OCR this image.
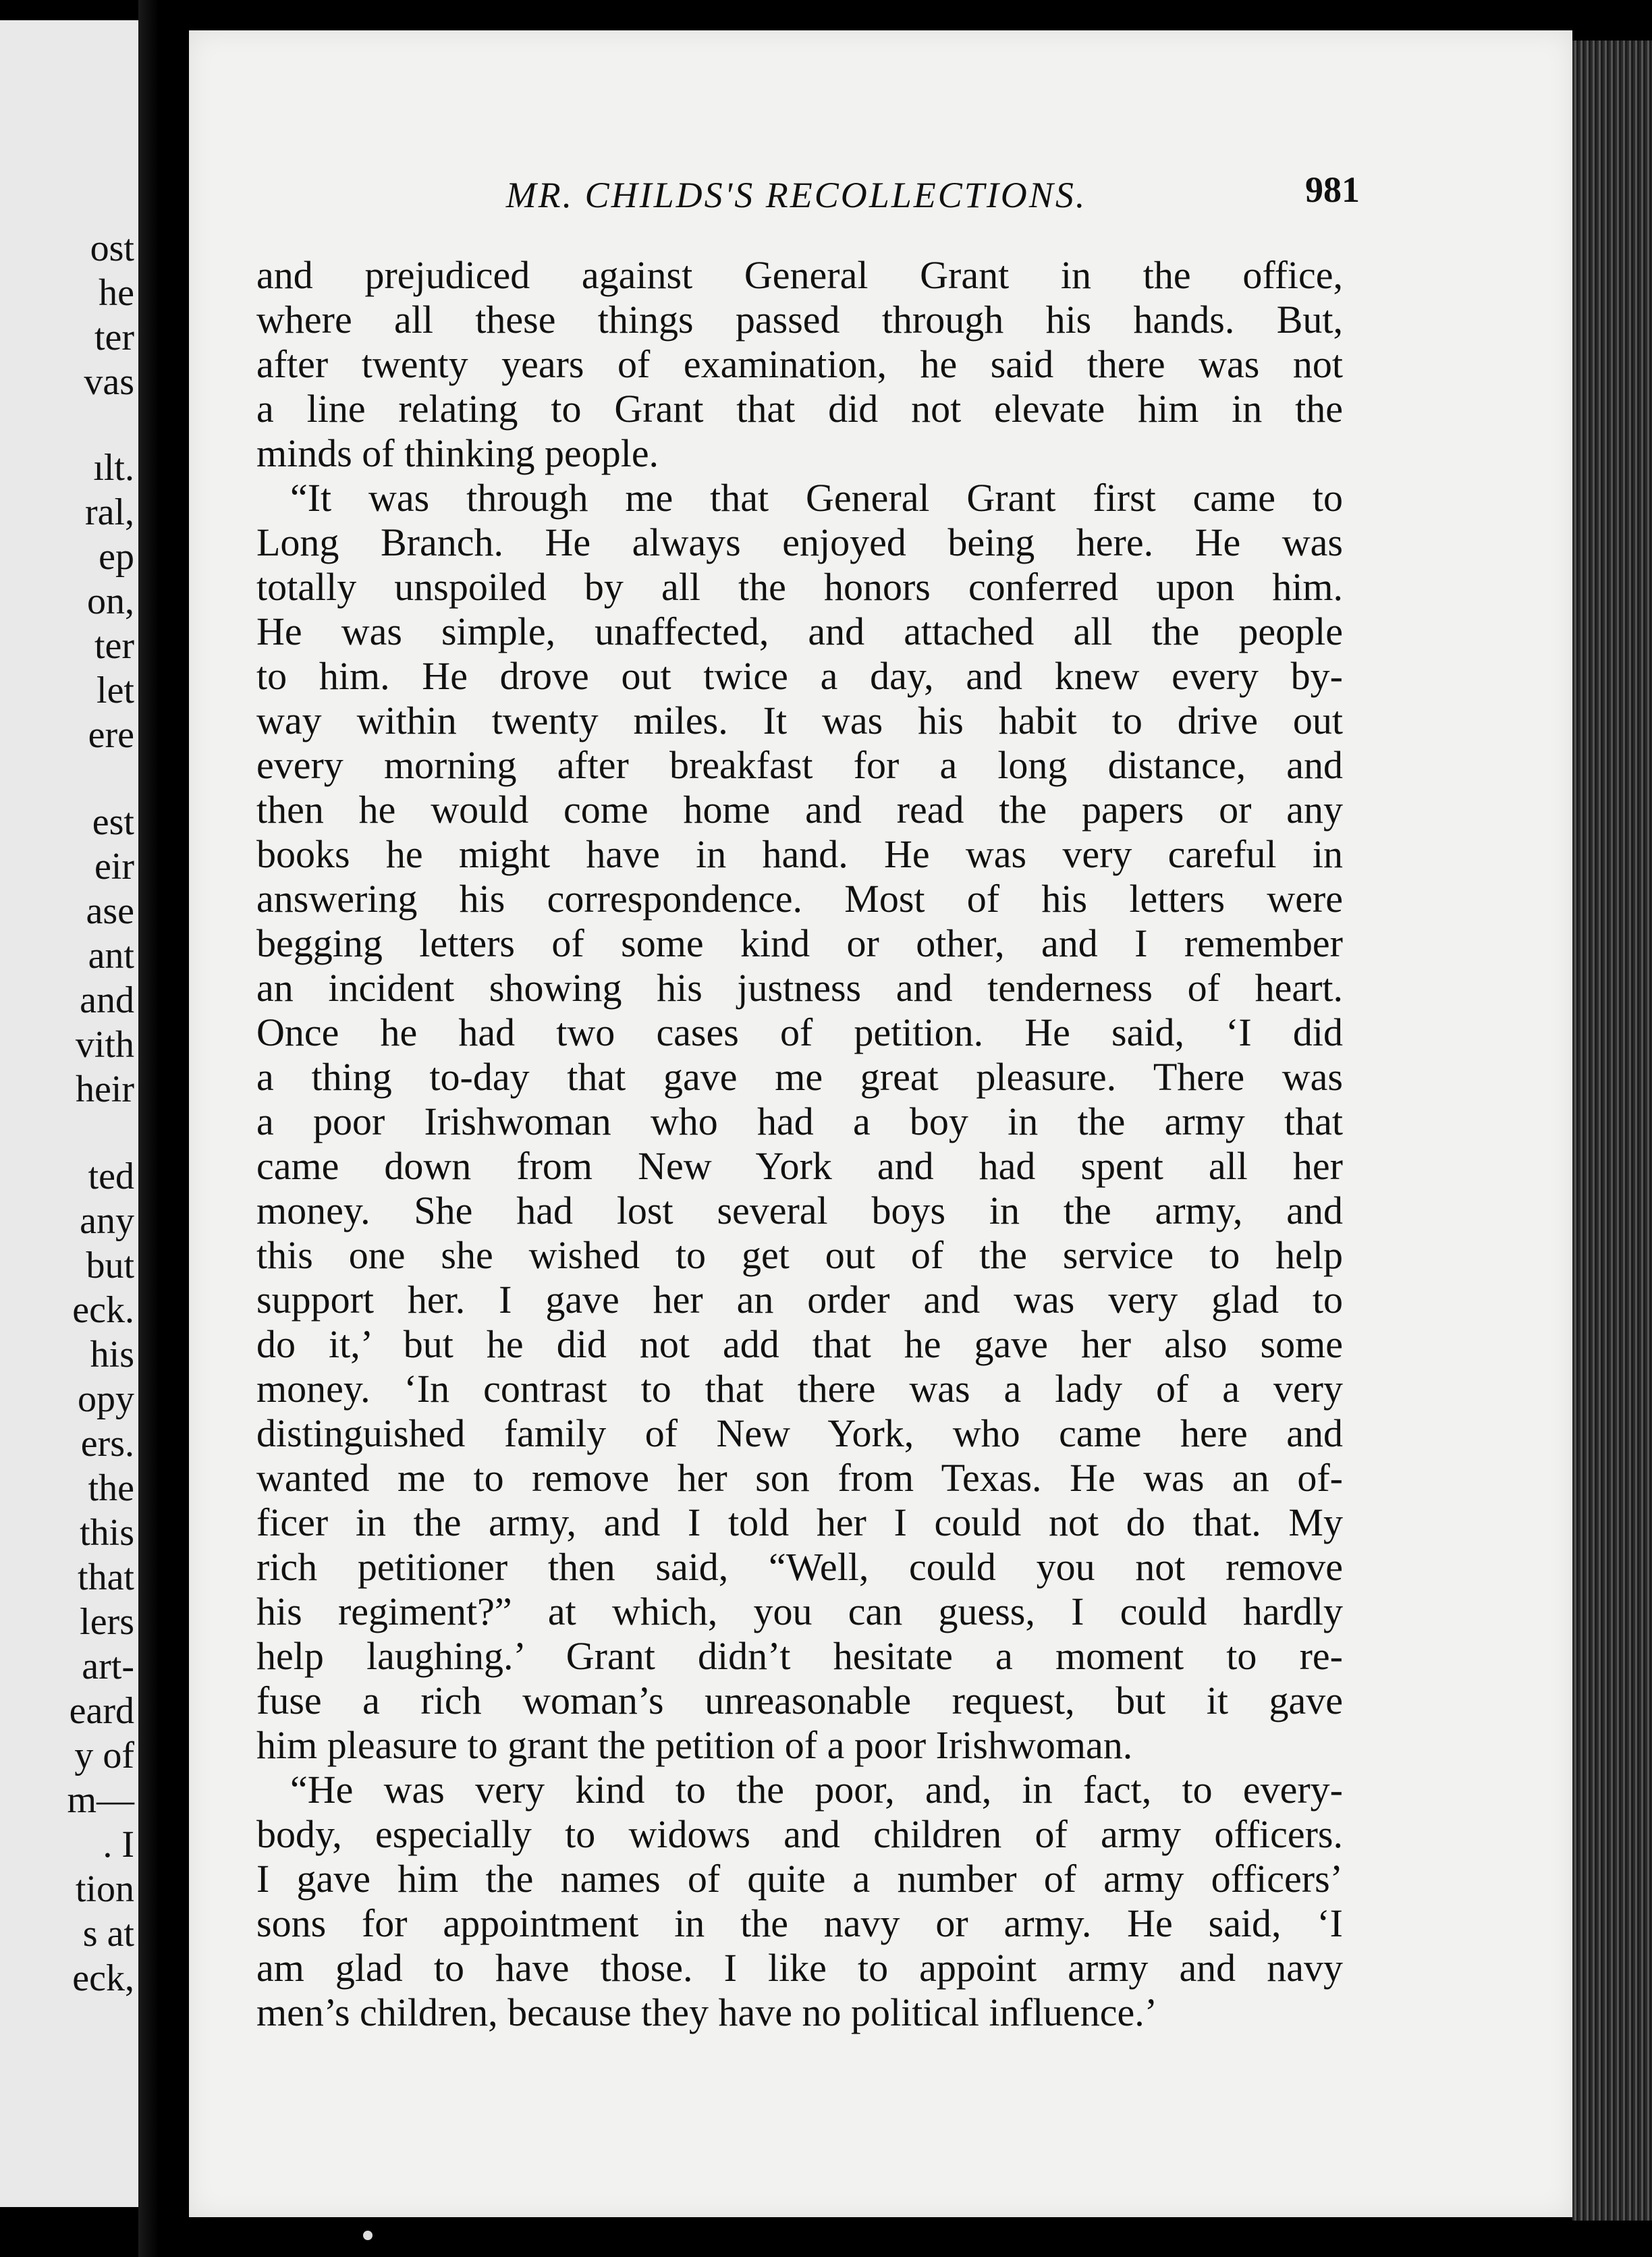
ost
he
ter
vas
ılt.
ral,
ep
on,
ter
let
ere
est
eir
ase
ant
and
vith
heir
ted
any
but
eck.
his
opy
ers.
the
this
that
lers
art-
eard
y of
m—
. I
tion
s at
eck,
MR. CHILDS'S RECOLLECTIONS.	981
and prejudiced against General Grant in the office,
where all these things passed through his hands. But,
after twenty years of examination, he said there was not
a line relating to Grant that did not elevate him in the
minds of thinking people.
“It was through me that General Grant first came to
Long Branch. He always enjoyed being here. He was
totally unspoiled by all the honors conferred upon him.
He was simple, unaffected, and attached all the people
to him. He drove out twice a day, and knew every by-
way within twenty miles. It was his habit to drive out
every morning after breakfast for a long distance, and
then he would come home and read the papers or any
books he might have in hand. He was very careful in
answering his correspondence. Most of his letters were
begging letters of some kind or other, and I remember
an incident showing his justness and tenderness of heart.
Once he had two cases of petition. He said, ‘I did
a thing to-day that gave me great pleasure. There was
a poor Irishwoman who had a boy in the army that
came down from New York and had spent all her
money. She had lost several boys in the army, and
this one she wished to get out of the service to help
support her. I gave her an order and was very glad to
do it,’ but he did not add that he gave her also some
money. ‘In contrast to that there was a lady of a very
distinguished family of New York, who came here and
wanted me to remove her son from Texas. He was an of-
ficer in the army, and I told her I could not do that. My
rich petitioner then said, “Well, could you not remove
his regiment?” at which, you can guess, I could hardly
help laughing.’ Grant didn’t hesitate a moment to re-
fuse a rich woman’s unreasonable request, but it gave
him pleasure to grant the petition of a poor Irishwoman.
“He was very kind to the poor, and, in fact, to every-
body, especially to widows and children of army officers.
I gave him the names of quite a number of army officers’
sons for appointment in the navy or army. He said, ‘I
am glad to have those. I like to appoint army and navy
men’s children, because they have no political influence.’
